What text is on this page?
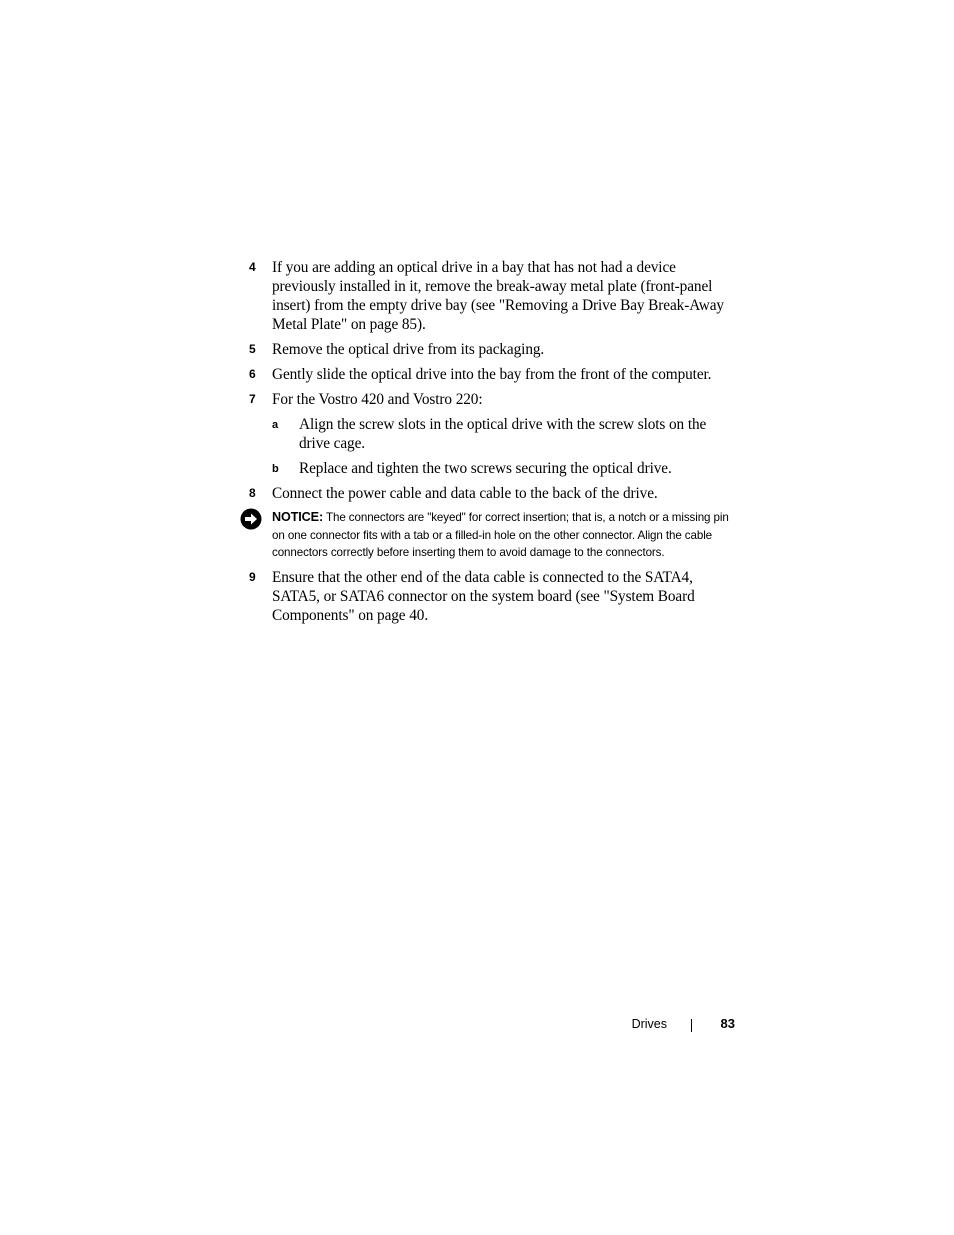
4 If you are adding an optical drive in a bay that has not had a device previously installed in it, remove the break-away metal plate (front-panel insert) from the empty drive bay (see "Removing a Drive Bay Break-Away Metal Plate" on page 85).
5 Remove the optical drive from its packaging.
6 Gently slide the optical drive into the bay from the front of the computer.
7 For the Vostro 420 and Vostro 220:
a Align the screw slots in the optical drive with the screw slots on the drive cage.
b Replace and tighten the two screws securing the optical drive.
8 Connect the power cable and data cable to the back of the drive.
NOTICE: The connectors are "keyed" for correct insertion; that is, a notch or a missing pin on one connector fits with a tab or a filled-in hole on the other connector. Align the cable connectors correctly before inserting them to avoid damage to the connectors.
9 Ensure that the other end of the data cable is connected to the SATA4, SATA5, or SATA6 connector on the system board (see "System Board Components" on page 40.
Drives	83
